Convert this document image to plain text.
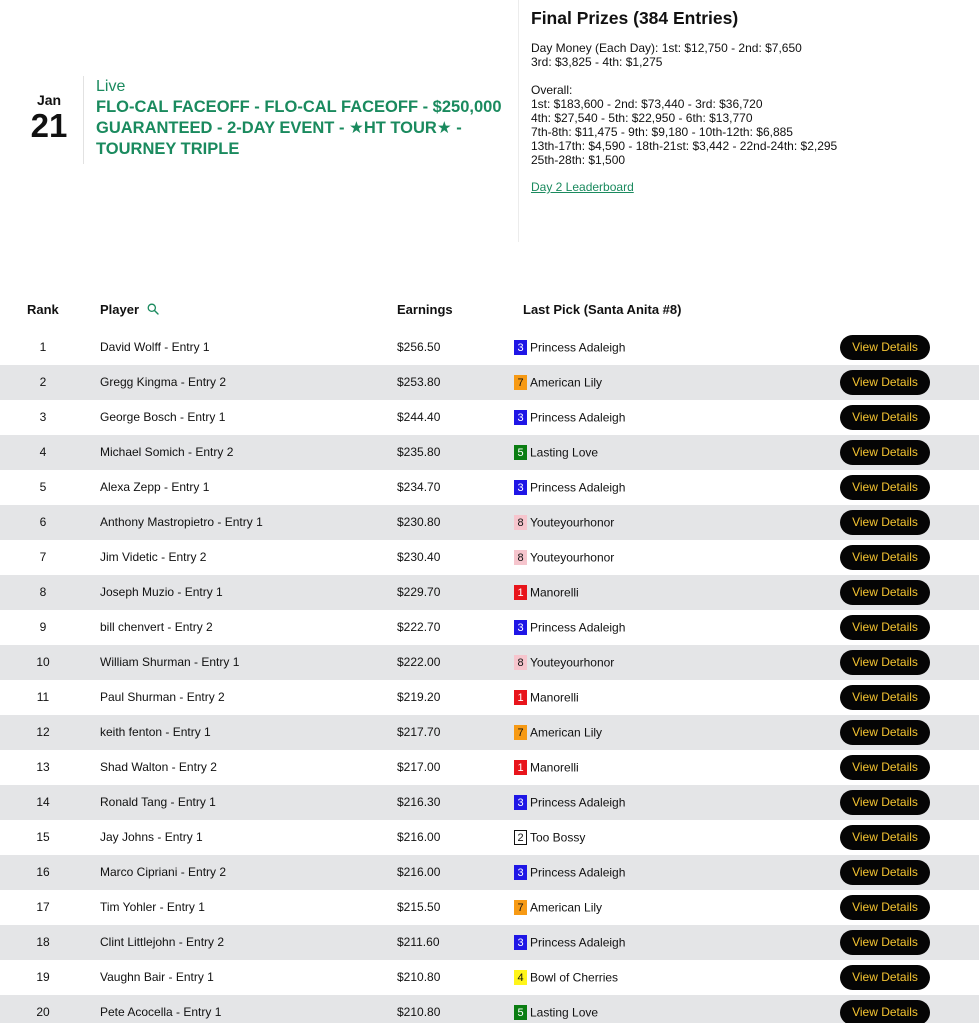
Jan
21
Live
FLO-CAL FACEOFF - FLO-CAL FACEOFF - $250,000 GUARANTEED - 2-DAY EVENT - ★HT TOUR★ - TOURNEY TRIPLE
Final Prizes (384 Entries)
Day Money (Each Day): 1st: $12,750 - 2nd: $7,650
3rd: $3,825 - 4th: $1,275
Overall:
1st: $183,600 - 2nd: $73,440 - 3rd: $36,720
4th: $27,540 - 5th: $22,950 - 6th: $13,770
7th-8th: $11,475 - 9th: $9,180 - 10th-12th: $6,885
13th-17th: $4,590 - 18th-21st: $3,442 - 22nd-24th: $2,295
25th-28th: $1,500
Day 2 Leaderboard
Rank	Player	Earnings	Last Pick (Santa Anita #8)
1	David Wolff - Entry 1	$256.50	3 Princess Adaleigh	View Details
2	Gregg Kingma - Entry 2	$253.80	7 American Lily	View Details
3	George Bosch - Entry 1	$244.40	3 Princess Adaleigh	View Details
4	Michael Somich - Entry 2	$235.80	5 Lasting Love	View Details
5	Alexa Zepp - Entry 1	$234.70	3 Princess Adaleigh	View Details
6	Anthony Mastropietro - Entry 1	$230.80	8 Youteyourhonor	View Details
7	Jim Videtic - Entry 2	$230.40	8 Youteyourhonor	View Details
8	Joseph Muzio - Entry 1	$229.70	1 Manorelli	View Details
9	bill chenvert - Entry 2	$222.70	3 Princess Adaleigh	View Details
10	William Shurman - Entry 1	$222.00	8 Youteyourhonor	View Details
11	Paul Shurman - Entry 2	$219.20	1 Manorelli	View Details
12	keith fenton - Entry 1	$217.70	7 American Lily	View Details
13	Shad Walton - Entry 2	$217.00	1 Manorelli	View Details
14	Ronald Tang - Entry 1	$216.30	3 Princess Adaleigh	View Details
15	Jay Johns - Entry 1	$216.00	2 Too Bossy	View Details
16	Marco Cipriani - Entry 2	$216.00	3 Princess Adaleigh	View Details
17	Tim Yohler - Entry 1	$215.50	7 American Lily	View Details
18	Clint Littlejohn - Entry 2	$211.60	3 Princess Adaleigh	View Details
19	Vaughn Bair - Entry 1	$210.80	4 Bowl of Cherries	View Details
20	Pete Acocella - Entry 1	$210.80	5 Lasting Love	View Details
